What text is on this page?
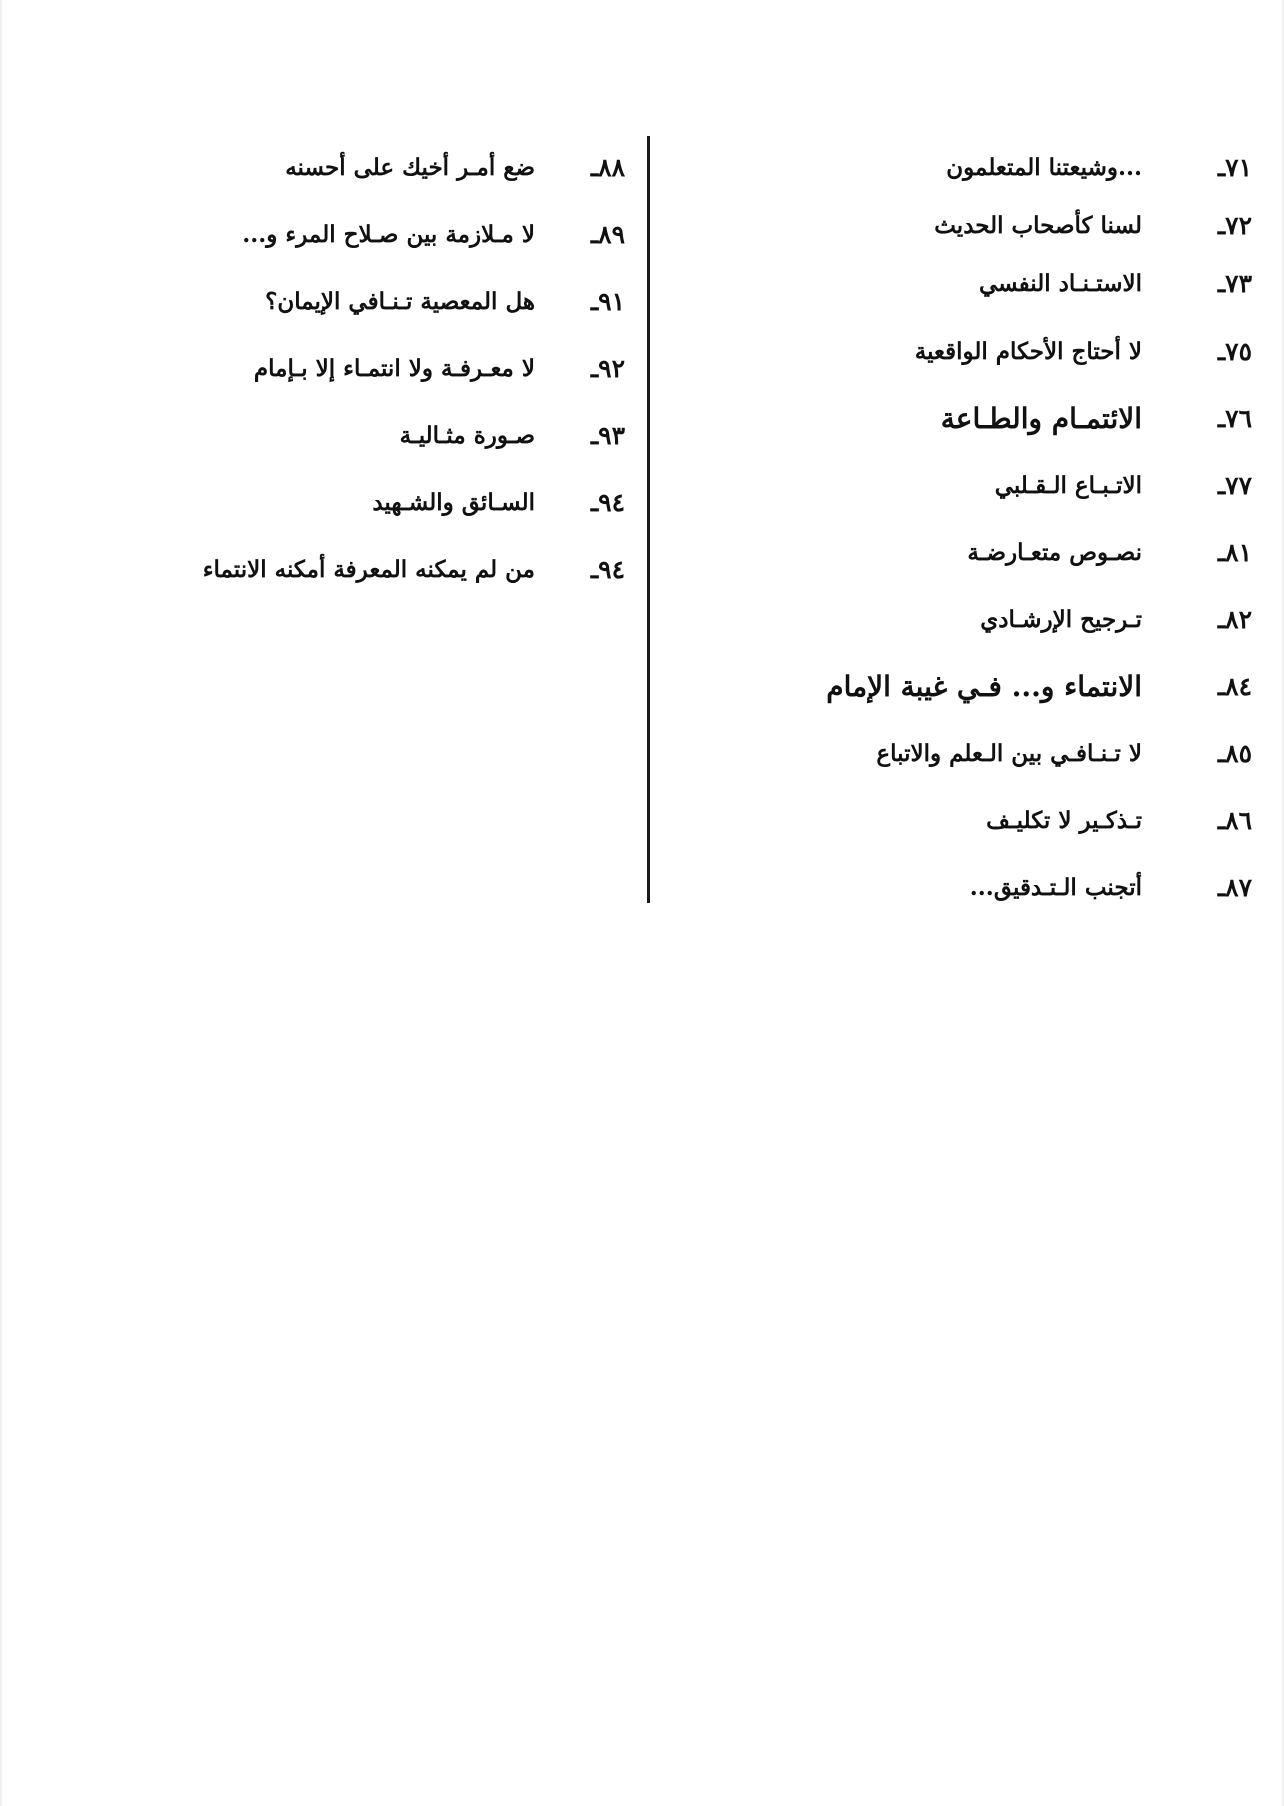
٧١ـ
...وشيعتنا المتعلمون
٧٢ـ
لسنا كأصحاب الحديث
٧٣ـ
الاستـنـاد النفسي
٧٥ـ
لا أحتاج الأحكام الواقعية
٧٦ـ
الائتمـام والطـاعة
٧٧ـ
الاتـبـاع الـقـلبي
٨١ـ
نصـوص متعـارضـة
٨٢ـ
تـرجيح الإرشـادي
٨٤ـ
الانتماء و... فـي غيبة الإمام
٨٥ـ
لا تـنـافـي بين الـعلم والاتباع
٨٦ـ
تـذكـير لا تكليـف
٨٧ـ
أتجنب الـتـدقيق...
٨٨ـ
ضع أمـر أخيك على أحسنه
٨٩ـ
لا مـلازمة بين صـلاح المرء و...
٩١ـ
هل المعصية تـنـافي الإيمان؟
٩٢ـ
لا معـرفـة ولا انتمـاء إلا بـإمام
٩٣ـ
صـورة مثـاليـة
٩٤ـ
السـائق والشـهيد
٩٤ـ
من لم يمكنه المعرفة أمكنه الانتماء
